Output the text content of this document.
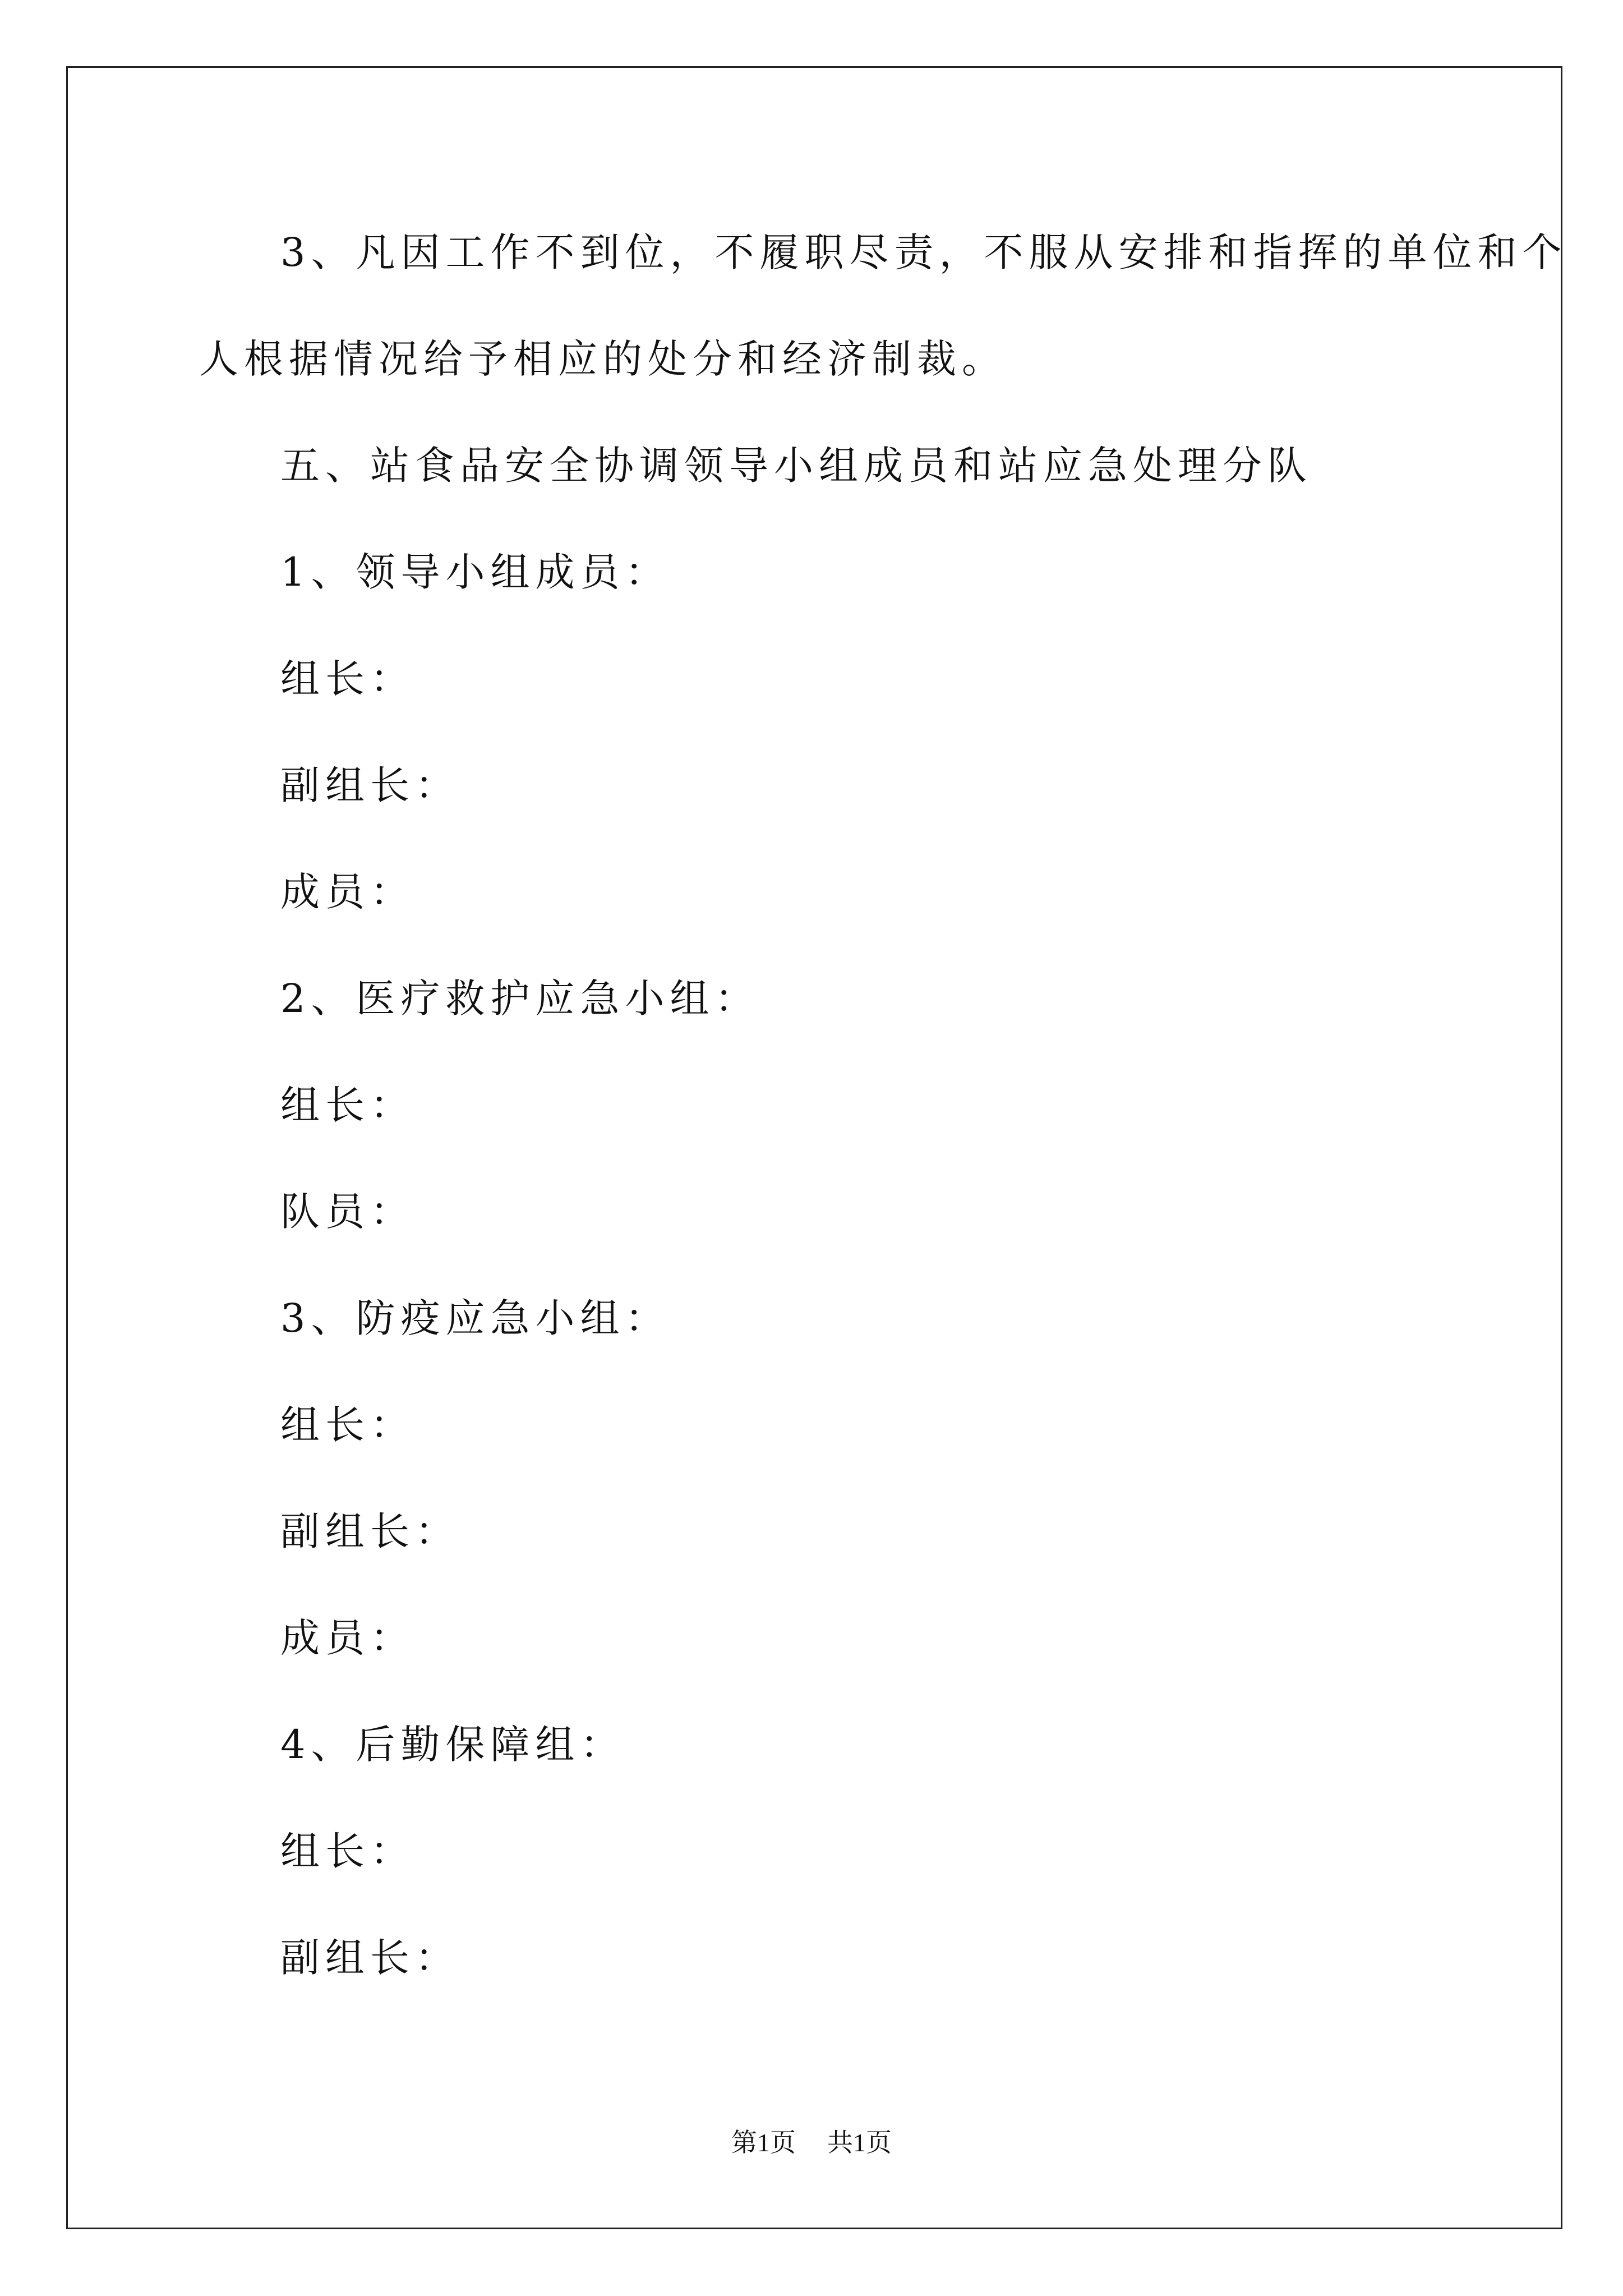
3、凡因工作不到位，不履职尽责，不服从安排和指挥的单位和个
人根据情况给予相应的处分和经济制裁。
五、站食品安全协调领导小组成员和站应急处理分队
1、领导小组成员：
组长：
副组长：
成员：
2、医疗救护应急小组：
组长：
队员：
3、防疫应急小组：
组长：
副组长：
成员：
4、后勤保障组：
组长：
副组长：
第1页 共1页
